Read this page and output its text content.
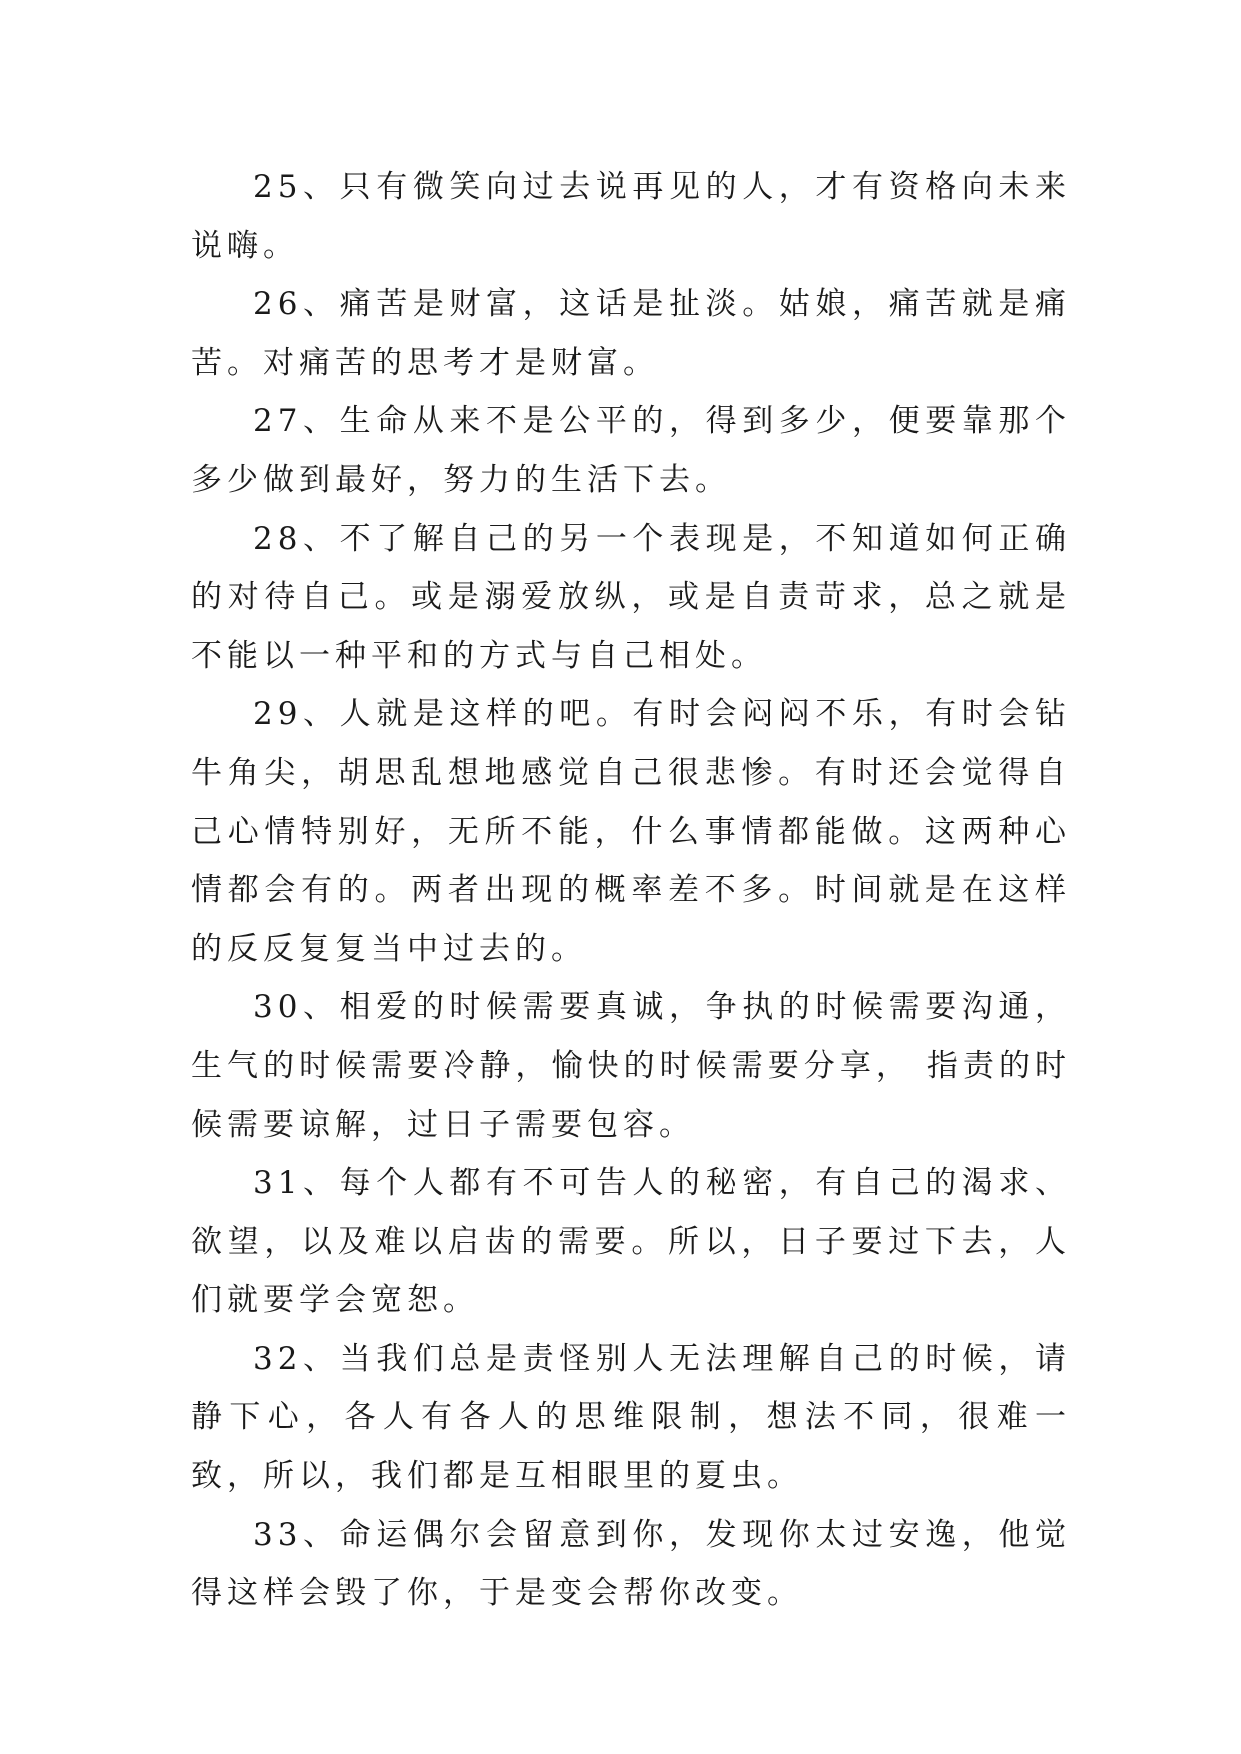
25、只有微笑向过去说再见的人，才有资格向未来说嗨。

26、痛苦是财富，这话是扯淡。姑娘，痛苦就是痛苦。对痛苦的思考才是财富。

27、生命从来不是公平的，得到多少，便要靠那个多少做到最好，努力的生活下去。

28、不了解自己的另一个表现是，不知道如何正确的对待自己。或是溺爱放纵，或是自责苛求，总之就是不能以一种平和的方式与自己相处。

29、人就是这样的吧。有时会闷闷不乐，有时会钻牛角尖，胡思乱想地感觉自己很悲惨。有时还会觉得自己心情特别好，无所不能，什么事情都能做。这两种心情都会有的。两者出现的概率差不多。时间就是在这样的反反复复当中过去的。

30、相爱的时候需要真诚，争执的时候需要沟通， 生气的时候需要冷静，愉快的时候需要分享， 指责的时候需要谅解，过日子需要包容。

31、每个人都有不可告人的秘密，有自己的渴求、欲望，以及难以启齿的需要。所以，日子要过下去，人们就要学会宽恕。

32、当我们总是责怪别人无法理解自己的时候，请静下心，各人有各人的思维限制，想法不同，很难一致，所以，我们都是互相眼里的夏虫。

33、命运偶尔会留意到你，发现你太过安逸，他觉得这样会毁了你，于是变会帮你改变。
